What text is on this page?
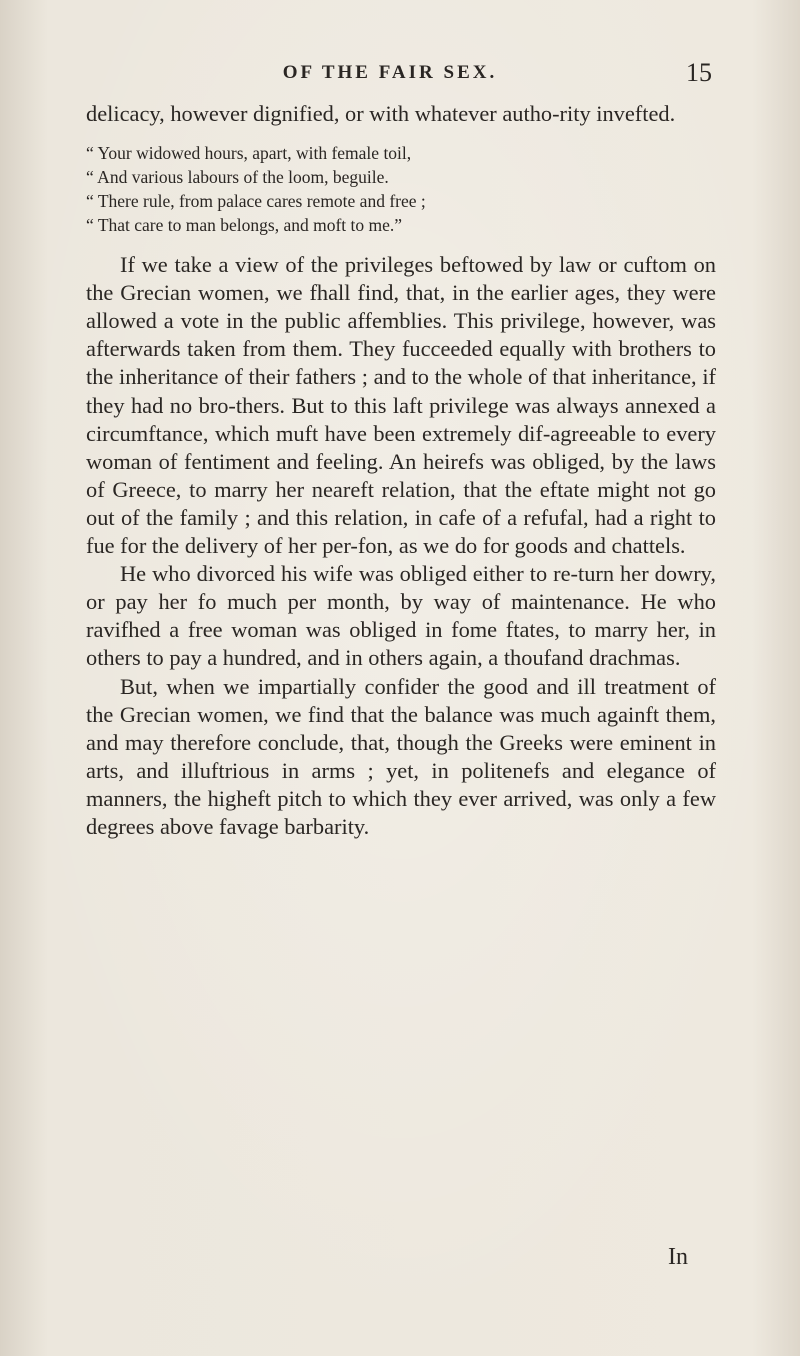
OF THE FAIR SEX.	15

delicacy, however dignified, or with whatever autho-rity invefted.

“ Your widowed hours, apart, with female toil,

“ And various labours of the loom, beguile.

“ There rule, from palace cares remote and free ;

“ That care to man belongs, and moft to me.”

If we take a view of the privileges beftowed by law or cuftom on the Grecian women, we fhall find, that, in the earlier ages, they were allowed a vote in the public affemblies. This privilege, however, was afterwards taken from them. They fucceeded equally with brothers to the inheritance of their fathers ; and to the whole of that inheritance, if they had no bro-thers. But to this laft privilege was always annexed a circumftance, which muft have been extremely dif-agreeable to every woman of fentiment and feeling. An heirefs was obliged, by the laws of Greece, to marry her neareft relation, that the eftate might not go out of the family ; and this relation, in cafe of a refufal, had a right to fue for the delivery of her per-fon, as we do for goods and chattels.

He who divorced his wife was obliged either to re-turn her dowry, or pay her fo much per month, by way of maintenance. He who ravifhed a free woman was obliged in fome ftates, to marry her, in others to pay a hundred, and in others again, a thoufand drachmas.

But, when we impartially confider the good and ill treatment of the Grecian women, we find that the balance was much againft them, and may therefore conclude, that, though the Greeks were eminent in arts, and illuftrious in arms ; yet, in politenefs and elegance of manners, the higheft pitch to which they ever arrived, was only a few degrees above favage barbarity.

In
